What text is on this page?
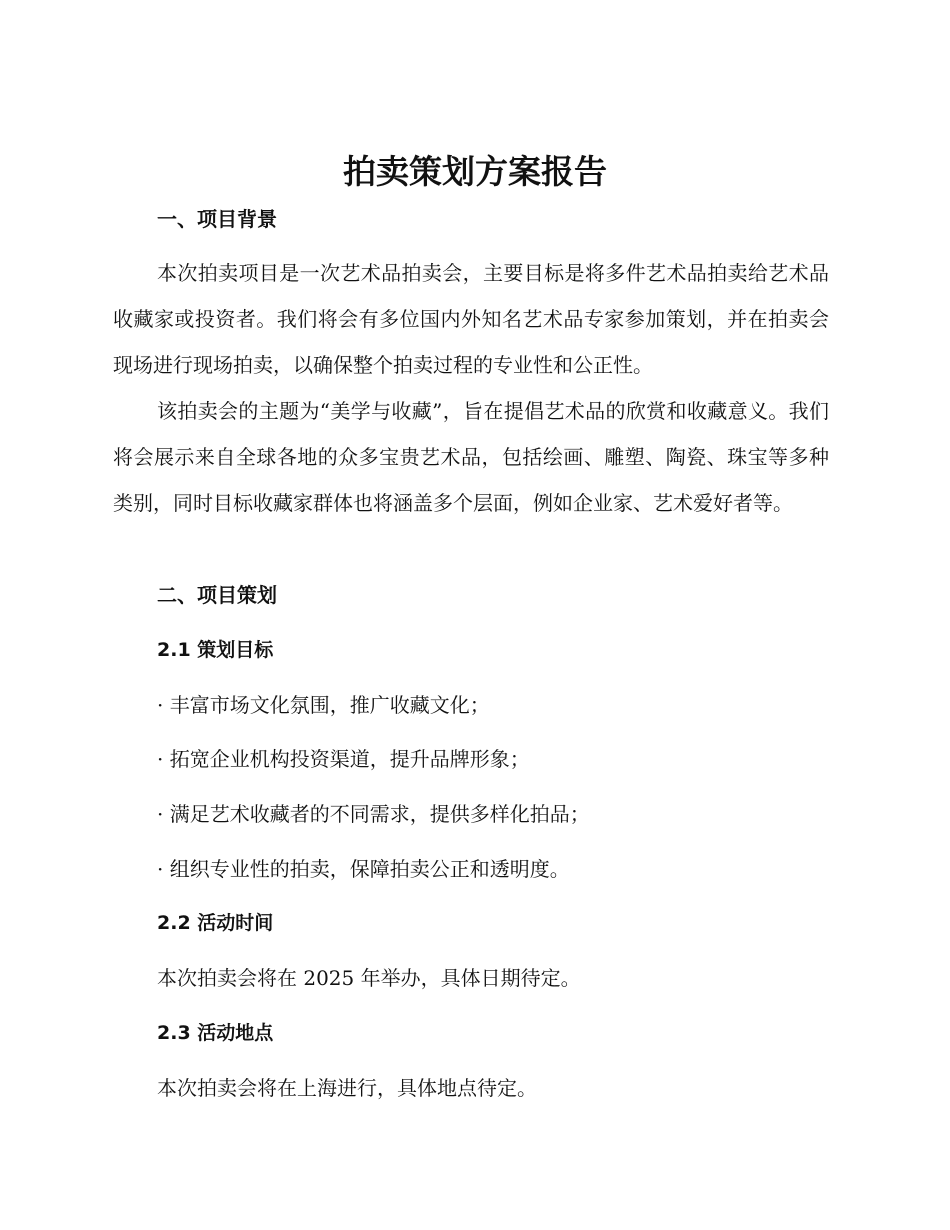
拍卖策划方案报告
一、项目背景

本次拍卖项目是一次艺术品拍卖会，主要目标是将多件艺术品拍卖给艺术品收藏家或投资者。我们将会有多位国内外知名艺术品专家参加策划，并在拍卖会现场进行现场拍卖，以确保整个拍卖过程的专业性和公正性。

该拍卖会的主题为“美学与收藏”，旨在提倡艺术品的欣赏和收藏意义。我们将会展示来自全球各地的众多宝贵艺术品，包括绘画、雕塑、陶瓷、珠宝等多种类别，同时目标收藏家群体也将涵盖多个层面，例如企业家、艺术爱好者等。

二、项目策划
2.1 策划目标

· 丰富市场文化氛围，推广收藏文化；

· 拓宽企业机构投资渠道，提升品牌形象；

· 满足艺术收藏者的不同需求，提供多样化拍品；

· 组织专业性的拍卖，保障拍卖公正和透明度。

2.2 活动时间

本次拍卖会将在 2025 年举办，具体日期待定。

2.3 活动地点

本次拍卖会将在上海进行，具体地点待定。
